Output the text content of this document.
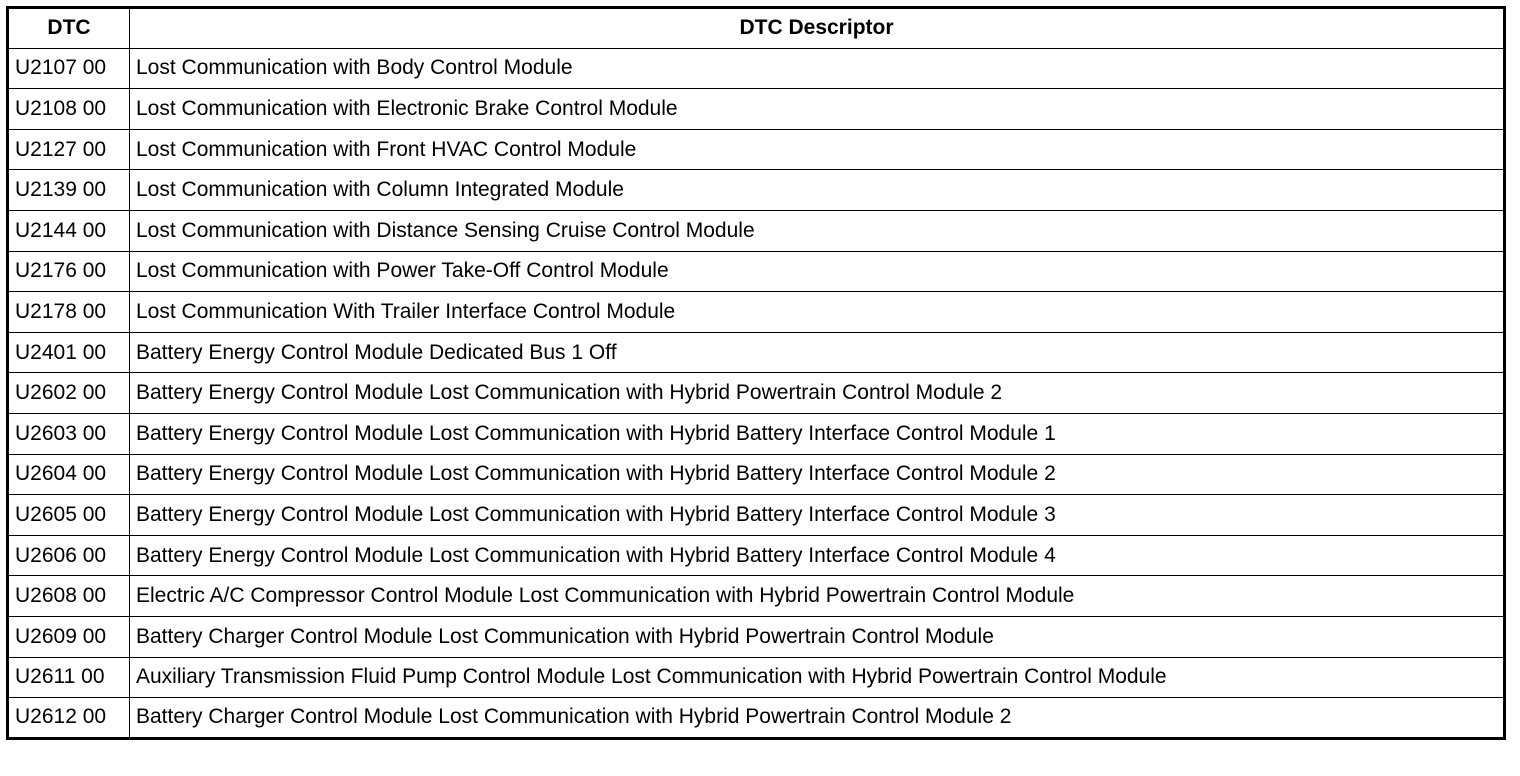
DTC	DTC Descriptor
U2107 00	Lost Communication with Body Control Module
U2108 00	Lost Communication with Electronic Brake Control Module
U2127 00	Lost Communication with Front HVAC Control Module
U2139 00	Lost Communication with Column Integrated Module
U2144 00	Lost Communication with Distance Sensing Cruise Control Module
U2176 00	Lost Communication with Power Take-Off Control Module
U2178 00	Lost Communication With Trailer Interface Control Module
U2401 00	Battery Energy Control Module Dedicated Bus 1 Off
U2602 00	Battery Energy Control Module Lost Communication with Hybrid Powertrain Control Module 2
U2603 00	Battery Energy Control Module Lost Communication with Hybrid Battery Interface Control Module 1
U2604 00	Battery Energy Control Module Lost Communication with Hybrid Battery Interface Control Module 2
U2605 00	Battery Energy Control Module Lost Communication with Hybrid Battery Interface Control Module 3
U2606 00	Battery Energy Control Module Lost Communication with Hybrid Battery Interface Control Module 4
U2608 00	Electric A/C Compressor Control Module Lost Communication with Hybrid Powertrain Control Module
U2609 00	Battery Charger Control Module Lost Communication with Hybrid Powertrain Control Module
U2611 00	Auxiliary Transmission Fluid Pump Control Module Lost Communication with Hybrid Powertrain Control Module
U2612 00	Battery Charger Control Module Lost Communication with Hybrid Powertrain Control Module 2
